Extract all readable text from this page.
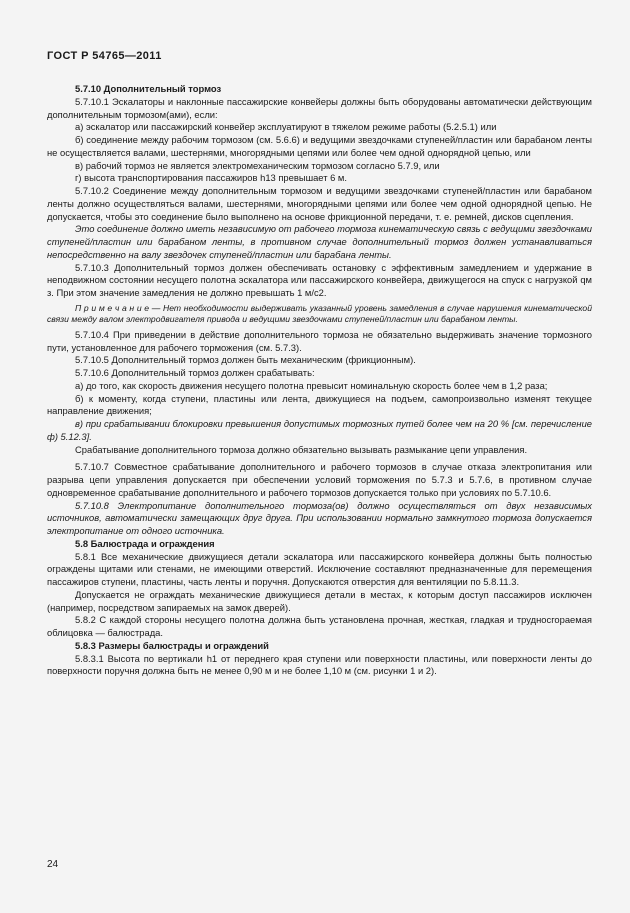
ГОСТ Р 54765—2011

5.7.10 Дополнительный тормоз

5.7.10.1 Эскалаторы и наклонные пассажирские конвейеры должны быть оборудованы автоматически действующим дополнительным тормозом(ами), если:

а) эскалатор или пассажирский конвейер эксплуатируют в тяжелом режиме работы (5.2.5.1) или

б) соединение между рабочим тормозом (см. 5.6.6) и ведущими звездочками ступеней/пластин или барабаном ленты не осуществляется валами, шестернями, многорядными цепями или более чем одной однорядной цепью, или

в) рабочий тормоз не является электромеханическим тормозом согласно 5.7.9, или

г) высота транспортирования пассажиров h13 превышает 6 м.

5.7.10.2 Соединение между дополнительным тормозом и ведущими звездочками ступеней/пластин или барабаном ленты должно осуществляться валами, шестернями, многорядными цепями или более чем одной однорядной цепью. Не допускается, чтобы это соединение было выполнено на основе фрикционной передачи, т. е. ремней, дисков сцепления.

Это соединение должно иметь независимую от рабочего тормоза кинематическую связь с ведущими звездочками ступеней/пластин или барабаном ленты, в противном случае дополнительный тормоз должен устанавливаться непосредственно на валу звездочек ступеней/пластин или барабана ленты.

5.7.10.3 Дополнительный тормоз должен обеспечивать остановку с эффективным замедлением и удержание в неподвижном состоянии несущего полотна эскалатора или пассажирского конвейера, движущегося на спуск с нагрузкой qм з. При этом значение замедления не должно превышать 1 м/с2.

П р и м е ч а н и е — Нет необходимости выдерживать указанный уровень замедления в случае нарушения кинематической связи между валом электродвигателя привода и ведущими звездочками ступеней/пластин или барабаном ленты.

5.7.10.4 При приведении в действие дополнительного тормоза не обязательно выдерживать значение тормозного пути, установленное для рабочего торможения (см. 5.7.3).

5.7.10.5 Дополнительный тормоз должен быть механическим (фрикционным).

5.7.10.6 Дополнительный тормоз должен срабатывать:

а) до того, как скорость движения несущего полотна превысит номинальную скорость более чем в 1,2 раза;

б) к моменту, когда ступени, пластины или лента, движущиеся на подъем, самопроизвольно изменят текущее направление движения;

в) при срабатывании блокировки превышения допустимых тормозных путей более чем на 20 % [см. перечисление ф) 5.12.3].

Срабатывание дополнительного тормоза должно обязательно вызывать размыкание цепи управления.

5.7.10.7 Совместное срабатывание дополнительного и рабочего тормозов в случае отказа электропитания или разрыва цепи управления допускается при обеспечении условий торможения по 5.7.3 и 5.7.6, в противном случае одновременное срабатывание дополнительного и рабочего тормозов допускается только при условиях по 5.7.10.6.

5.7.10.8 Электропитание дополнительного тормоза(ов) должно осуществляться от двух независимых источников, автоматически замещающих друг друга. При использовании нормально замкнутого тормоза допускается электропитание от одного источника.

5.8 Балюстрада и ограждения

5.8.1 Все механические движущиеся детали эскалатора или пассажирского конвейера должны быть полностью ограждены щитами или стенами, не имеющими отверстий. Исключение составляют предназначенные для перемещения пассажиров ступени, пластины, часть ленты и поручня. Допускаются отверстия для вентиляции по 5.8.11.3.

Допускается не ограждать механические движущиеся детали в местах, к которым доступ пассажиров исключен (например, посредством запираемых на замок дверей).

5.8.2 С каждой стороны несущего полотна должна быть установлена прочная, жесткая, гладкая и трудносгораемая облицовка — балюстрада.

5.8.3 Размеры балюстрады и ограждений

5.8.3.1 Высота по вертикали h1 от переднего края ступени или поверхности пластины, или поверхности ленты до поверхности поручня должна быть не менее 0,90 м и не более 1,10 м (см. рисунки 1 и 2).

24
